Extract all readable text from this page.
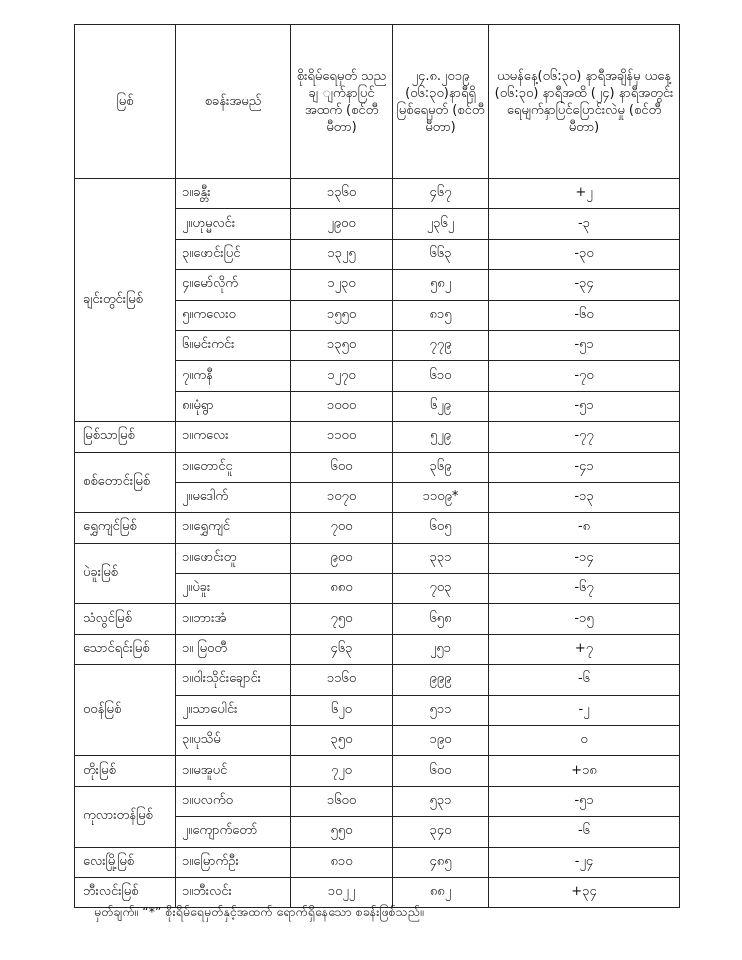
မြစ်	စခန်းအမည်	စိုးရိမ်ရေမှတ် သည ချ ျက်နာပြင် အထက် (စင်တီမီတာ)	၂၄.၈.၂၀၁၉ (၀၆:၃၀)နာရီရှိ မြစ်ရေမှတ် (စင်တီမီတာ)	ယမန်နေ့(၀၆:၃၀) နာရီအချိန်မှ ယနေ့ (၀၆:၃၀) နာရီအထိ (၂၄) နာရီအတွင်း ရေမျက်နှာပြင်ပြောင်းလဲမှု (စင်တီမီတာ)
ချင်းတွင်းမြစ်	၁။ခန္တီး	၁၃၆၀	၄၆၇	+၂
	၂။ဟုမ္မလင်း	၂၉၀၀	၂၃၆၂	-၃
	၃။ဖောင်းပြင်	၁၃၂၅	၆၆၃	-၃၀
	၄။မော်လိုက်	၁၂၃၀	၅၈၂	-၃၄
	၅။ကလေးဝ	၁၅၅၀	၈၁၅	-၆၀
	၆။မင်းကင်း	၁၃၅၀	၇၇၉	-၅၁
	၇။ကနီ	၁၂၇၀	၆၁၀	-၇၀
	၈။မုံရွာ	၁၀၀၀	၆၂၉	-၅၁
မြစ်သာမြစ်	၁။ကလေး	၁၁၀၀	၅၂၉	-၇၇
စစ်တောင်းမြစ်	၁။တောင်ငူ	၆၀၀	၃၆၉	-၄၁
	၂။မဒေါက်	၁၀၇၀	၁၁၀၉*	-၁၃
ရွှေကျင်မြစ်	၁။ရွှေကျင်	၇၀၀	၆၀၅	-၈
ပဲခူးမြစ်	၁။ဖောင်းတူ	၉၀၀	၃၃၁	-၁၄
	၂။ပဲခူး	၈၈၀	၇၀၃	-၆၇
သံလွင်မြစ်	၁။ဘားအံ	၇၅၀	၆၅၈	-၁၅
သောင်ရင်းမြစ်	၁။ မြဝတီ	၄၆၃	၂၅၁	+၇
ဝဝန်မြစ်	၁။ဝါးသိုင်းချောင်း	၁၁၆၀	၉၉၉	-၆
	၂။သာပေါင်း	၆၂၀	၅၁၁	-၂
	၃။ပုသိမ်	၃၅၀	၁၉၀	၀
တိုးမြစ်	၁။မအူပင်	၇၂၀	၆၀၀	+၁၈
ကုလားတန်မြစ်	၁။ပလက်ဝ	၁၆၀၀	၅၃၁	-၅၁
	၂။ကျောက်တော်	၅၅၀	၃၄၀	-၆
လေးမြို့မြစ်	၁။မြောက်ဦး	၈၁၀	၄၈၅	-၂၄
ဘီးလင်းမြစ်	၁။ဘီးလင်း	၁၀၂၂	၈၈၂	+၃၄
မှတ်ချက်။ “*” စိုးရိမ်ရေမှတ်နှင့်အထက် ရောက်ရှိနေသော စခန်းဖြစ်သည်။
